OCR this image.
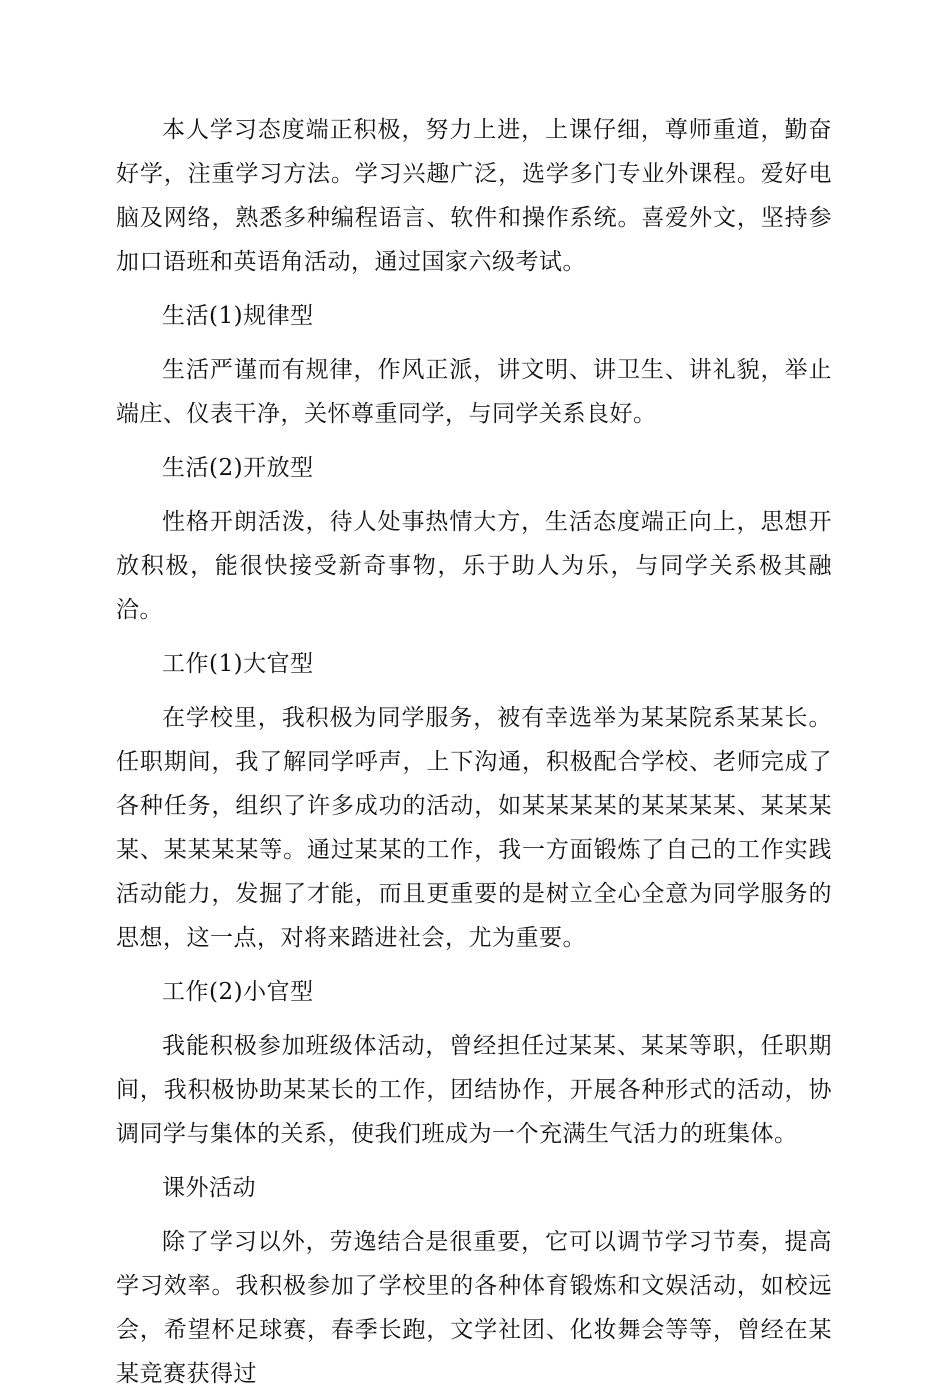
本人学习态度端正积极，努力上进，上课仔细，尊师重道，勤奋好学，注重学习方法。学习兴趣广泛，选学多门专业外课程。爱好电脑及网络，熟悉多种编程语言、软件和操作系统。喜爱外文，坚持参加口语班和英语角活动，通过国家六级考试。

生活(1)规律型

生活严谨而有规律，作风正派，讲文明、讲卫生、讲礼貌，举止端庄、仪表干净，关怀尊重同学，与同学关系良好。

生活(2)开放型

性格开朗活泼，待人处事热情大方，生活态度端正向上，思想开放积极，能很快接受新奇事物，乐于助人为乐，与同学关系极其融洽。

工作(1)大官型

在学校里，我积极为同学服务，被有幸选举为某某院系某某长。任职期间，我了解同学呼声，上下沟通，积极配合学校、老师完成了各种任务，组织了许多成功的活动，如某某某某的某某某某、某某某某、某某某某等。通过某某的工作，我一方面锻炼了自己的工作实践活动能力，发掘了才能，而且更重要的是树立全心全意为同学服务的思想，这一点，对将来踏进社会，尤为重要。

工作(2)小官型

我能积极参加班级体活动，曾经担任过某某、某某等职，任职期间，我积极协助某某长的工作，团结协作，开展各种形式的活动，协调同学与集体的关系，使我们班成为一个充满生气活力的班集体。

课外活动

除了学习以外，劳逸结合是很重要，它可以调节学习节奏，提高学习效率。我积极参加了学校里的各种体育锻炼和文娱活动，如校远会，希望杯足球赛，春季长跑，文学社团、化妆舞会等等，曾经在某某竞赛获得过
